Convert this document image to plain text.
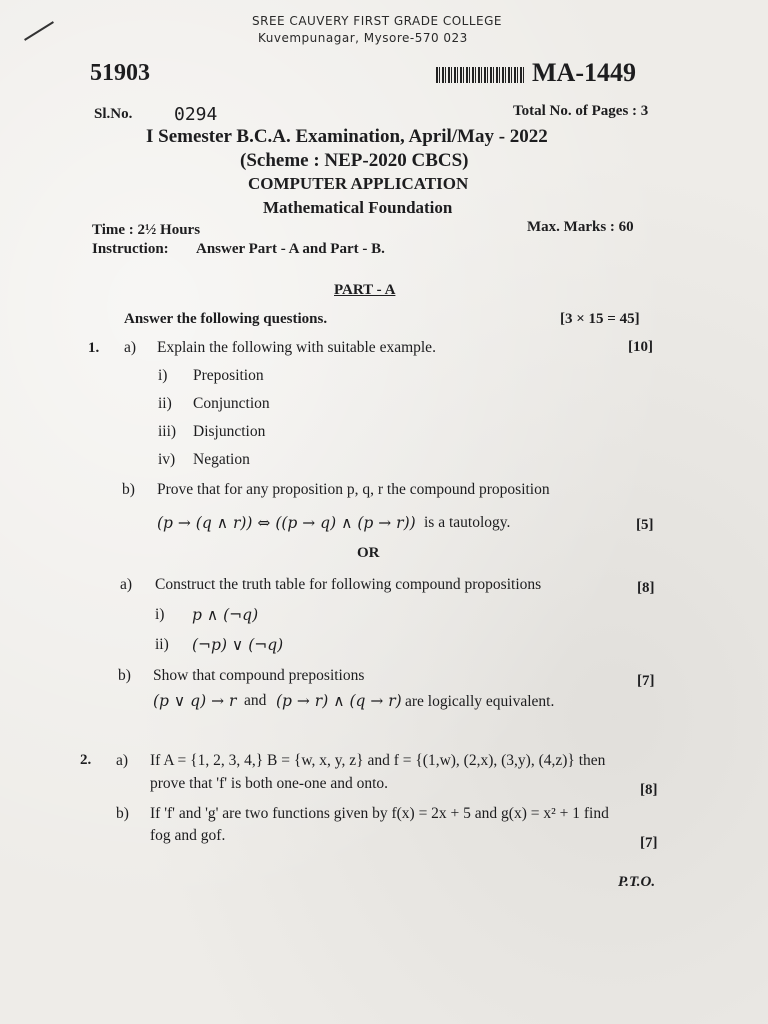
SREE CAUVERY FIRST GRADE COLLEGE
Kuvempunagar, Mysore-570 023
51903	MA-1449
Sl.No. 0294	Total No. of Pages : 3
I Semester B.C.A. Examination, April/May - 2022
(Scheme : NEP-2020 CBCS)
COMPUTER APPLICATION
Mathematical Foundation
Time : 2½ Hours	Max. Marks : 60
Instruction: Answer Part - A and Part - B.
PART - A
Answer the following questions.	[3 × 15 = 45]
1. a) Explain the following with suitable example.	[10]
i) Preposition
ii) Conjunction
iii) Disjunction
iv) Negation
b) Prove that for any proposition p, q, r the compound proposition
(p → (q ∧ r)) ⇔ ((p → q) ∧ (p → r)) is a tautology.	[5]
OR
a) Construct the truth table for following compound propositions	[8]
i) p ∧ (¬q)
ii) (¬p) ∨ (¬q)
b) Show that compound prepositions	[7]
(p ∨ q) → r and (p → r) ∧ (q → r) are logically equivalent.
2. a) If A = {1, 2, 3, 4,} B = {w, x, y, z} and f = {(1,w), (2,x), (3,y), (4,z)} then
prove that 'f' is both one-one and onto.	[8]
b) If 'f' and 'g' are two functions given by f(x) = 2x + 5 and g(x) = x² + 1 find
fog and gof.	[7]
P.T.O.
